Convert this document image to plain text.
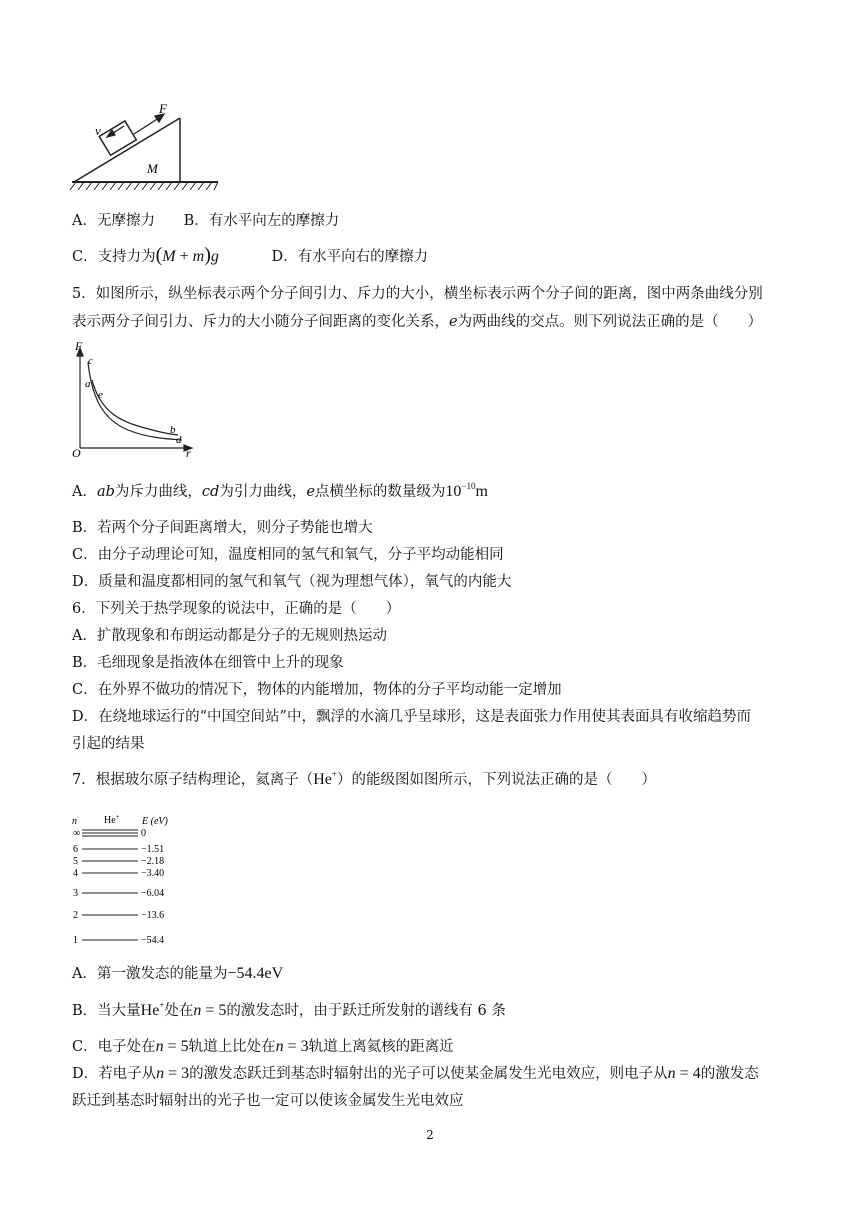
F
v
M
A．无摩擦力 B．有水平向左的摩擦力
C．支持力为(M + m)g	D．有水平向右的摩擦力
5．如图所示，纵坐标表示两个分子间引力、斥力的大小，横坐标表示两个分子间的距离，图中两条曲线分别
表示两分子间引力、斥力的大小随分子间距离的变化关系，e为两曲线的交点。则下列说法正确的是（　　）
F
r
O
c
a
e
b
d
A．ab为斥力曲线，cd为引力曲线，e点横坐标的数量级为$10^{-10}m$
B．若两个分子间距离增大，则分子势能也增大
C．由分子动理论可知，温度相同的氢气和氧气，分子平均动能相同
D．质量和温度都相同的氢气和氧气（视为理想气体），氧气的内能大
6．下列关于热学现象的说法中，正确的是（　　）
A．扩散现象和布朗运动都是分子的无规则热运动
B．毛细现象是指液体在细管中上升的现象
C．在外界不做功的情况下，物体的内能增加，物体的分子平均动能一定增加
D．在绕地球运行的“中国空间站”中，飘浮的水滴几乎呈球形，这是表面张力作用使其表面具有收缩趋势而
引起的结果
7．根据玻尔原子结构理论，氦离子（He+）的能级图如图所示，下列说法正确的是（　　）
n	He+ E (eV)
∞	0
6	−1.51
5	−2.18
4	−3.40
3	−6.04
2	−13.6
1	−54.4
A．第一激发态的能量为−54.4eV
B．当大量He+处在n = 5的激发态时，由于跃迁所发射的谱线有 6 条
C．电子处在n = 5轨道上比处在n = 3轨道上离氦核的距离近
D．若电子从n = 3的激发态跃迁到基态时辐射出的光子可以使某金属发生光电效应，则电子从n = 4的激发态
跃迁到基态时辐射出的光子也一定可以使该金属发生光电效应
2
